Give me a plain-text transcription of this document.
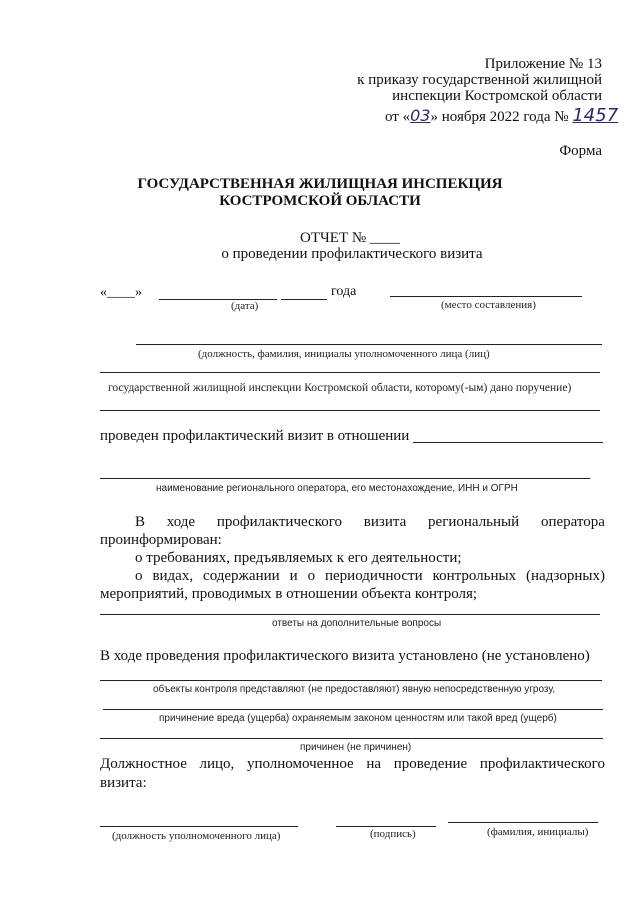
Приложение № 13
к приказу государственной жилищной
инспекции Костромской области
от «03» ноября 2022 года № 1457
Форма
ГОСУДАРСТВЕННАЯ ЖИЛИЩНАЯ ИНСПЕКЦИЯ
КОСТРОМСКОЙ ОБЛАСТИ
ОТЧЕТ № ____
о проведении профилактического визита
«____»	года
(дата)	(место составления)
(должность, фамилия, инициалы уполномоченного лица (лиц)
государственной жилищной инспекции Костромской области, которому(-ым) дано поручение)
проведен профилактический визит в отношении
наименование регионального оператора, его местонахождение, ИНН и ОГРН
В ходе профилактического визита региональный оператора
проинформирован:
о требованиях, предъявляемых к его деятельности;
о видах, содержании и о периодичности контрольных (надзорных)
мероприятий, проводимых в отношении объекта контроля;
ответы на дополнительные вопросы
В ходе проведения профилактического визита установлено (не установлено)
объекты контроля представляют (не предоставляют) явную непосредственную угрозу,
причинение вреда (ущерба) охраняемым законом ценностям или такой вред (ущерб)
причинен (не причинен)
Должностное лицо, уполномоченное на проведение профилактического
визита:
(должность уполномоченного лица)	(подпись)	(фамилия, инициалы)
